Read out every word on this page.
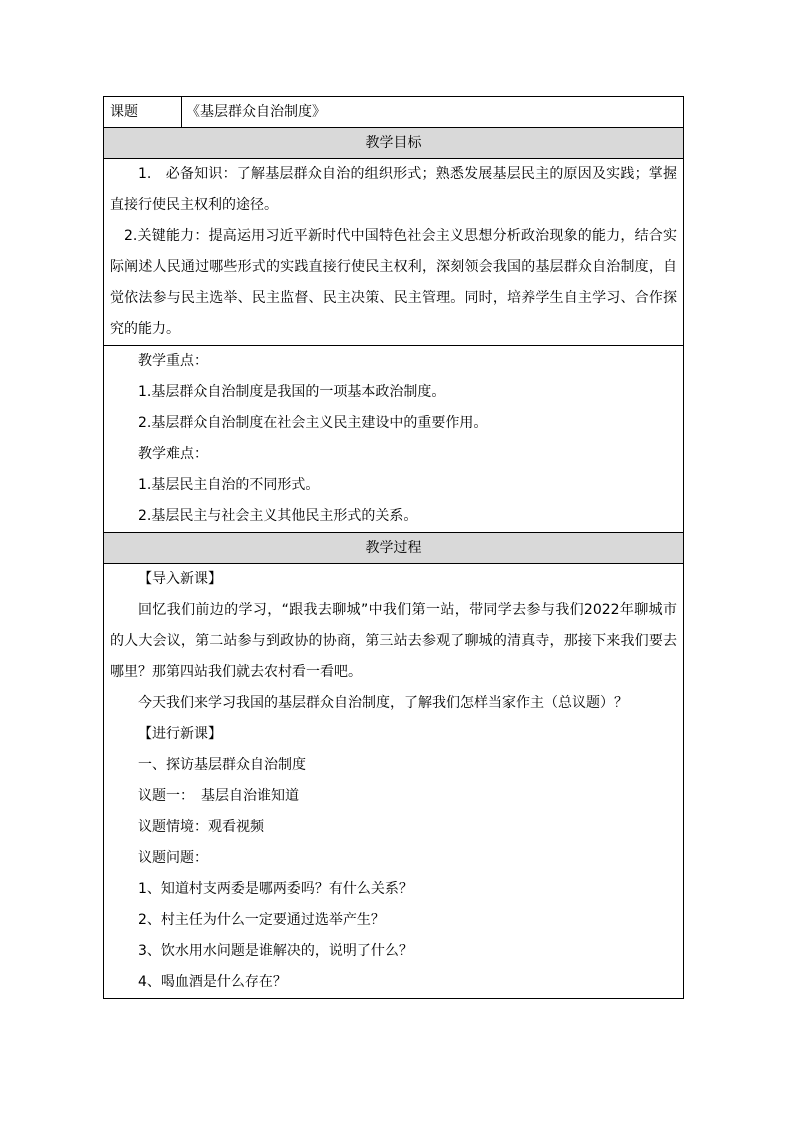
课题	《基层群众自治制度》
教学目标

1.　必备知识：了解基层群众自治的组织形式；熟悉发展基层民主的原因及实践；掌握直接行使民主权利的途径。

2.关键能力：提高运用习近平新时代中国特色社会主义思想分析政治现象的能力，结合实际阐述人民通过哪些形式的实践直接行使民主权利，深刻领会我国的基层群众自治制度，自觉依法参与民主选举、民主监督、民主决策、民主管理。同时，培养学生自主学习、合作探究的能力。

教学重点：

1.基层群众自治制度是我国的一项基本政治制度。

2.基层群众自治制度在社会主义民主建设中的重要作用。

教学难点：

1.基层民主自治的不同形式。

2.基层民主与社会主义其他民主形式的关系。

教学过程

【导入新课】

回忆我们前边的学习，“跟我去聊城”中我们第一站，带同学去参与我们2022年聊城市的人大会议，第二站参与到政协的协商，第三站去参观了聊城的清真寺，那接下来我们要去哪里？那第四站我们就去农村看一看吧。

今天我们来学习我国的基层群众自治制度，了解我们怎样当家作主（总议题）？

【进行新课】

一、探访基层群众自治制度

议题一：　基层自治谁知道

议题情境：观看视频

议题问题：

1、知道村支两委是哪两委吗？有什么关系？

2、村主任为什么一定要通过选举产生？

3、饮水用水问题是谁解决的，说明了什么？

4、喝血酒是什么存在？
